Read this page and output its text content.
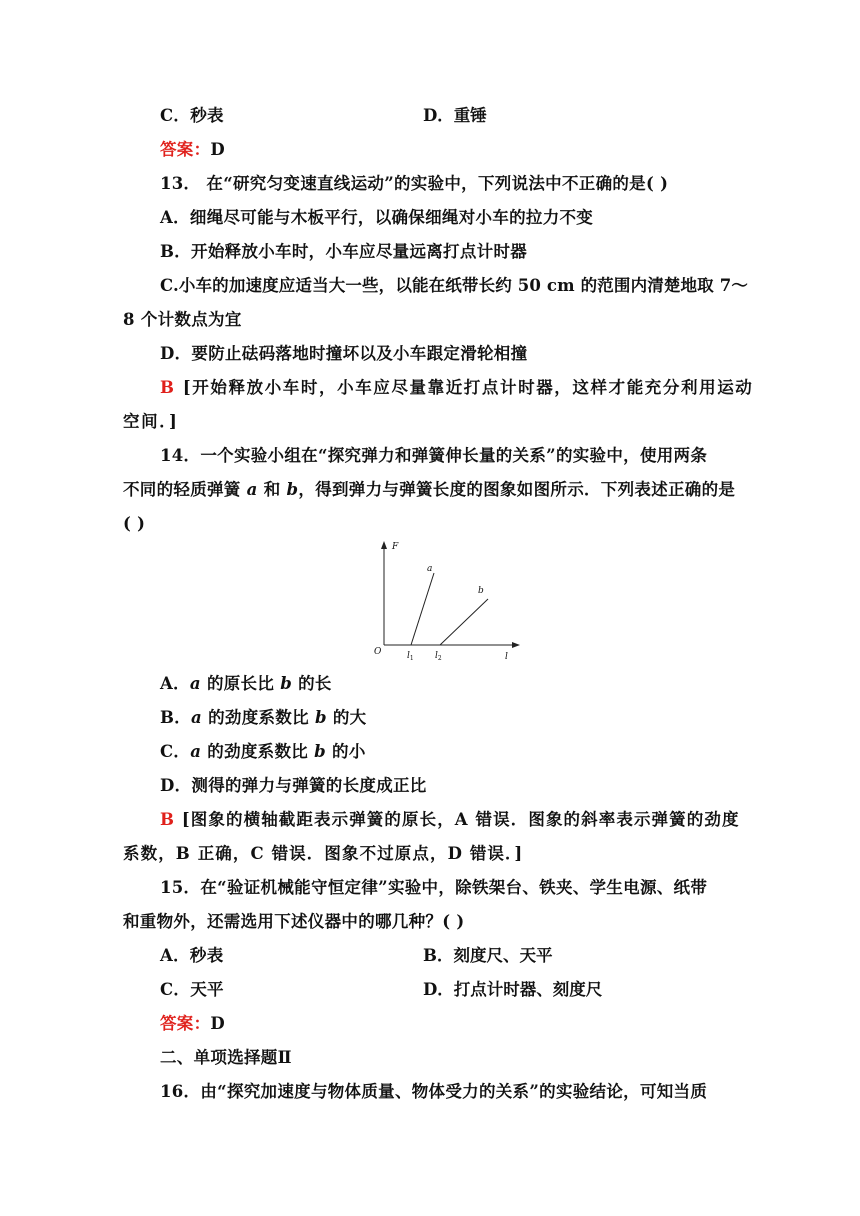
C．秒表	D．重锤
答案：D
13． 在“研究匀变速直线运动”的实验中，下列说法中不正确的是( )
A．细绳尽可能与木板平行，以确保细绳对小车的拉力不变
B．开始释放小车时，小车应尽量远离打点计时器
C.小车的加速度应适当大一些，以能在纸带长约 50 cm 的范围内清楚地取 7～
8 个计数点为宜
D．要防止砝码落地时撞坏以及小车跟定滑轮相撞
B [开始释放小车时，小车应尽量靠近打点计时器，这样才能充分利用运动
空间．]
14．一个实验小组在“探究弹力和弹簧伸长量的关系”的实验中，使用两条
不同的轻质弹簧 a 和 b，得到弹力与弹簧长度的图象如图所示．下列表述正确的是
( )
F
O	l
a
b
$l_1$ $l_2$
A．a 的原长比 b 的长
B．a 的劲度系数比 b 的大
C．a 的劲度系数比 b 的小
D．测得的弹力与弹簧的长度成正比
B [图象的横轴截距表示弹簧的原长，A 错误．图象的斜率表示弹簧的劲度
系数，B 正确，C 错误．图象不过原点，D 错误．]
15．在“验证机械能守恒定律”实验中，除铁架台、铁夹、学生电源、纸带
和重物外，还需选用下述仪器中的哪几种？( )
A．秒表	B．刻度尺、天平
C．天平	D．打点计时器、刻度尺
答案：D
二、单项选择题Ⅱ
16．由“探究加速度与物体质量、物体受力的关系”的实验结论，可知当质
